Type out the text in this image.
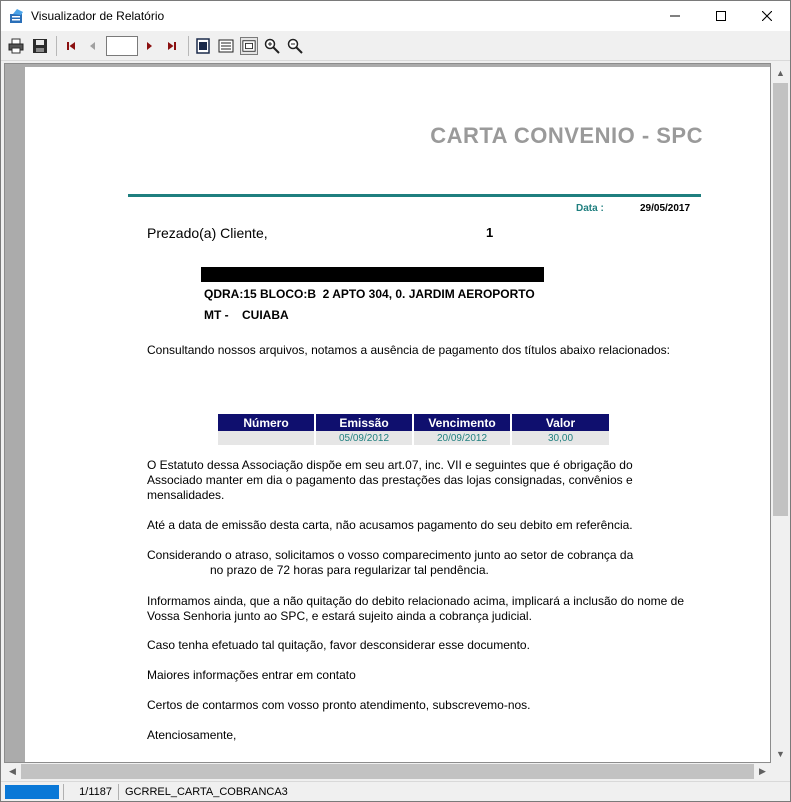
Visualizador de Relatório
CARTA CONVENIO - SPC
Data :	29/05/2017
Prezado(a) Cliente,	1
QDRA:15 BLOCO:B  2 APTO 304, 0. JARDIM AEROPORTO
MT -    CUIABA
Consultando nossos arquivos, notamos a ausência de pagamento dos títulos abaixo relacionados:
Número	Emissão	Vencimento	Valor
	05/09/2012	20/09/2012	30,00
O Estatuto dessa Associação dispõe em seu art.07, inc. VII e seguintes que é obrigação do Associado manter em dia o pagamento das prestações das lojas consignadas, convênios e mensalidades.
Até a data de emissão desta carta, não acusamos pagamento do seu debito em referência.
Considerando o atraso, solicitamos o vosso comparecimento junto ao setor de cobrança da
no prazo de 72 horas para regularizar tal pendência.
Informamos ainda, que a não quitação do debito relacionado acima, implicará a inclusão do nome de Vossa Senhoria junto ao SPC, e estará sujeito ainda a cobrança judicial.
Caso tenha efetuado tal quitação, favor desconsiderar esse documento.
Maiores informações entrar em contato
Certos de contarmos com vosso pronto atendimento, subscrevemo-nos.
Atenciosamente,
▲
▼
◀	▶
1/1187	GCRREL_CARTA_COBRANCA3
